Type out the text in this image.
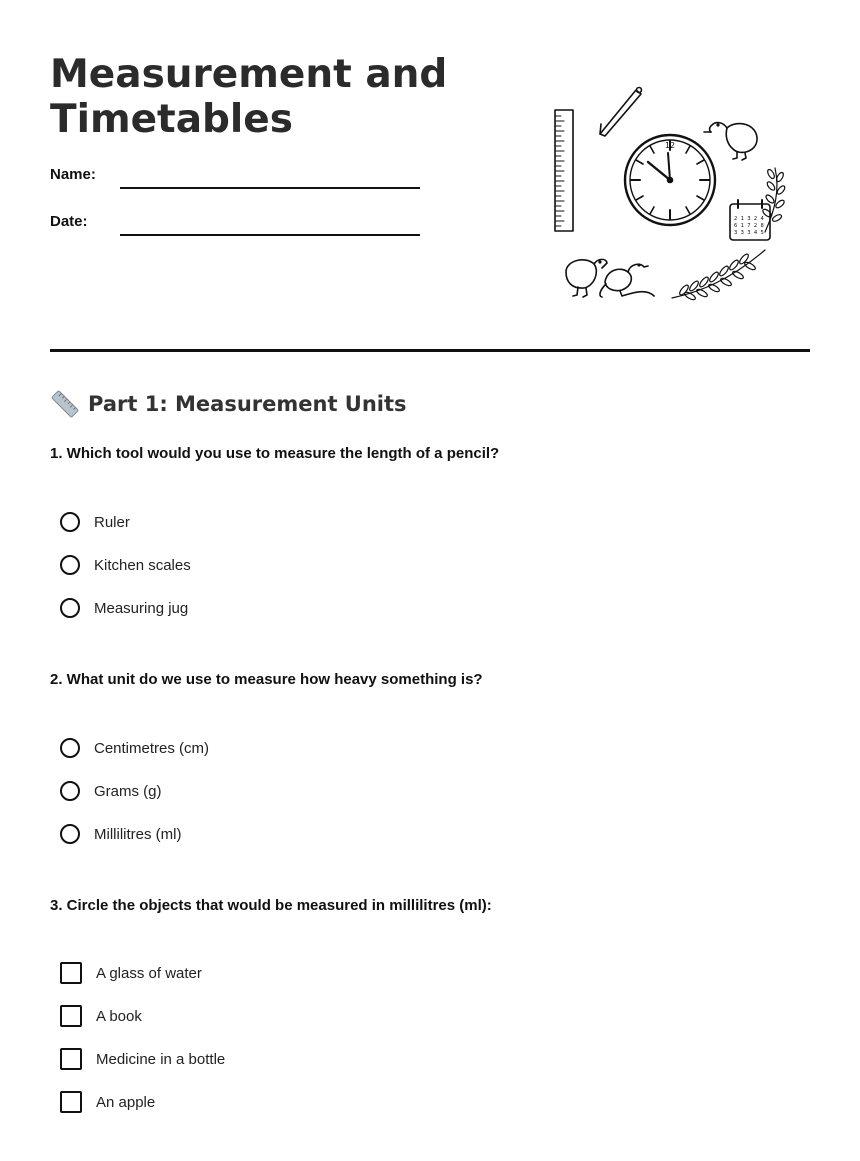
Measurement and Timetables
Name:
Date:
12
2 1 3 2 4
6 1 7 2 8
3 3 3 4 5
Part 1: Measurement Units
1. Which tool would you use to measure the length of a pencil?
Ruler
Kitchen scales
Measuring jug
2. What unit do we use to measure how heavy something is?
Centimetres (cm)
Grams (g)
Millilitres (ml)
3. Circle the objects that would be measured in millilitres (ml):
A glass of water
A book
Medicine in a bottle
An apple
